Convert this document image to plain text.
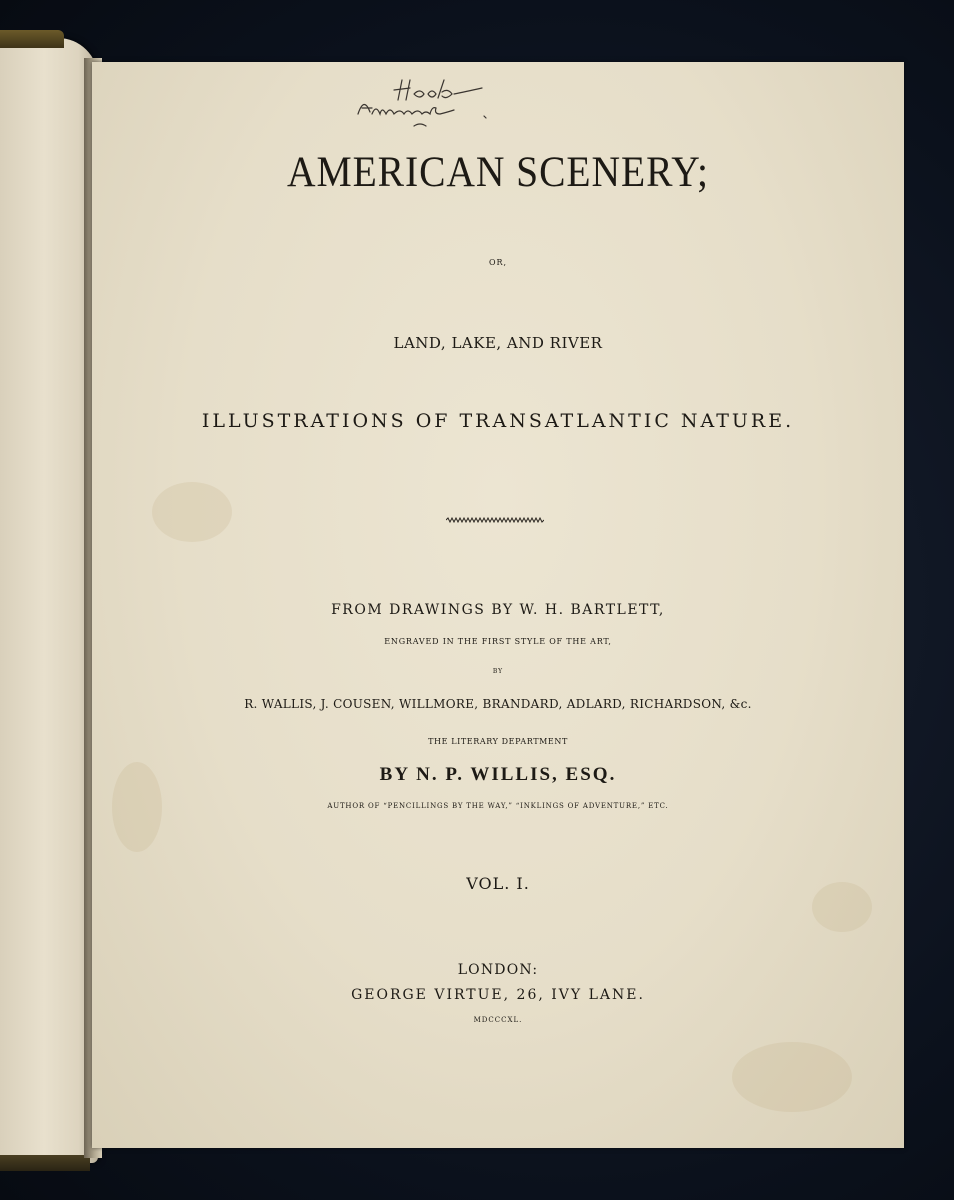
AMERICAN SCENERY;
OR,
LAND, LAKE, AND RIVER
ILLUSTRATIONS OF TRANSATLANTIC NATURE.
FROM DRAWINGS BY W. H. BARTLETT,
ENGRAVED IN THE FIRST STYLE OF THE ART,
BY
R. WALLIS, J. COUSEN, WILLMORE, BRANDARD, ADLARD, RICHARDSON, &c.
THE LITERARY DEPARTMENT
BY N. P. WILLIS, ESQ.
AUTHOR OF “PENCILLINGS BY THE WAY,” “INKLINGS OF ADVENTURE,” ETC.
VOL. I.
LONDON:
GEORGE VIRTUE, 26, IVY LANE.
MDCCCXL.
